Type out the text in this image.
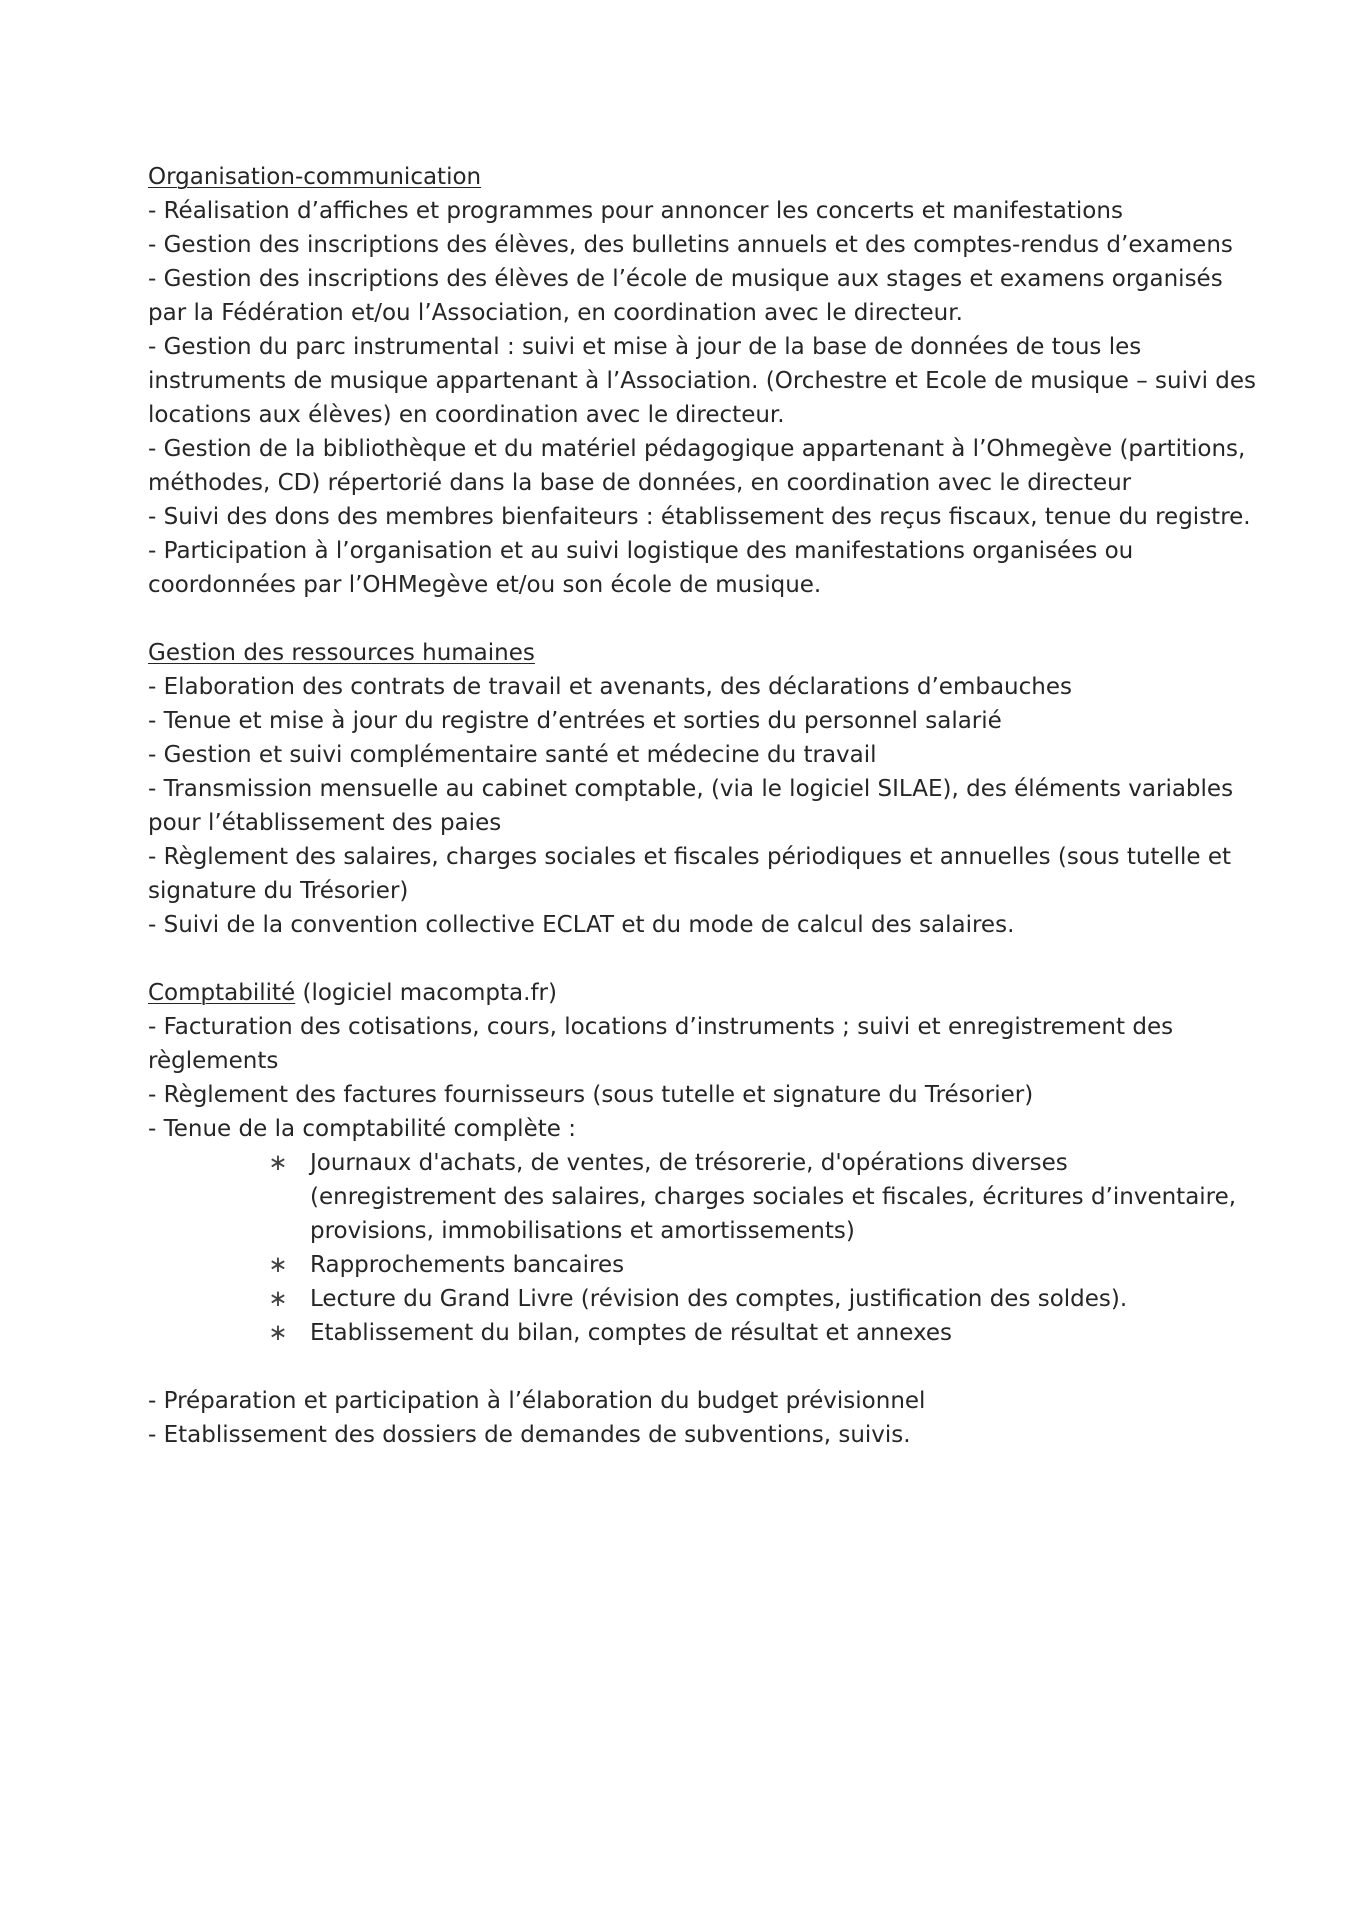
Organisation-communication
- Réalisation d’affiches et programmes pour annoncer les concerts et manifestations
- Gestion des inscriptions des élèves, des bulletins annuels et des comptes-rendus d’examens
- Gestion des inscriptions des élèves de l’école de musique aux stages et examens organisés par la Fédération et/ou l’Association, en coordination avec le directeur.
- Gestion du parc instrumental : suivi et mise à jour de la base de données de tous les instruments de musique appartenant à l’Association. (Orchestre et Ecole de musique – suivi des locations aux élèves) en coordination avec le directeur.
- Gestion de la bibliothèque et du matériel pédagogique appartenant à l’Ohmegève (partitions, méthodes, CD) répertorié dans la base de données, en coordination avec le directeur
- Suivi des dons des membres bienfaiteurs : établissement des reçus fiscaux, tenue du registre.
- Participation à l’organisation et au suivi logistique des manifestations organisées ou coordonnées par l’OHMegève et/ou son école de musique.
Gestion des ressources humaines
- Elaboration des contrats de travail et avenants, des déclarations d’embauches
- Tenue et mise à jour du registre d’entrées et sorties du personnel salarié
- Gestion et suivi complémentaire santé et médecine du travail
- Transmission mensuelle au cabinet comptable, (via le logiciel SILAE), des éléments variables pour l’établissement des paies
- Règlement des salaires, charges sociales et fiscales périodiques et annuelles (sous tutelle et signature du Trésorier)
- Suivi de la convention collective ECLAT et du mode de calcul des salaires.
Comptabilité (logiciel macompta.fr)
- Facturation des cotisations, cours, locations d’instruments ; suivi et enregistrement des règlements
- Règlement des factures fournisseurs (sous tutelle et signature du Trésorier)
- Tenue de la comptabilité complète :
∗ Journaux d'achats, de ventes, de trésorerie, d'opérations diverses (enregistrement des salaires, charges sociales et fiscales, écritures d’inventaire, provisions, immobilisations et amortissements)
∗ Rapprochements bancaires
∗ Lecture du Grand Livre (révision des comptes, justification des soldes).
∗ Etablissement du bilan, comptes de résultat et annexes
- Préparation et participation à l’élaboration du budget prévisionnel
- Etablissement des dossiers de demandes de subventions, suivis.
